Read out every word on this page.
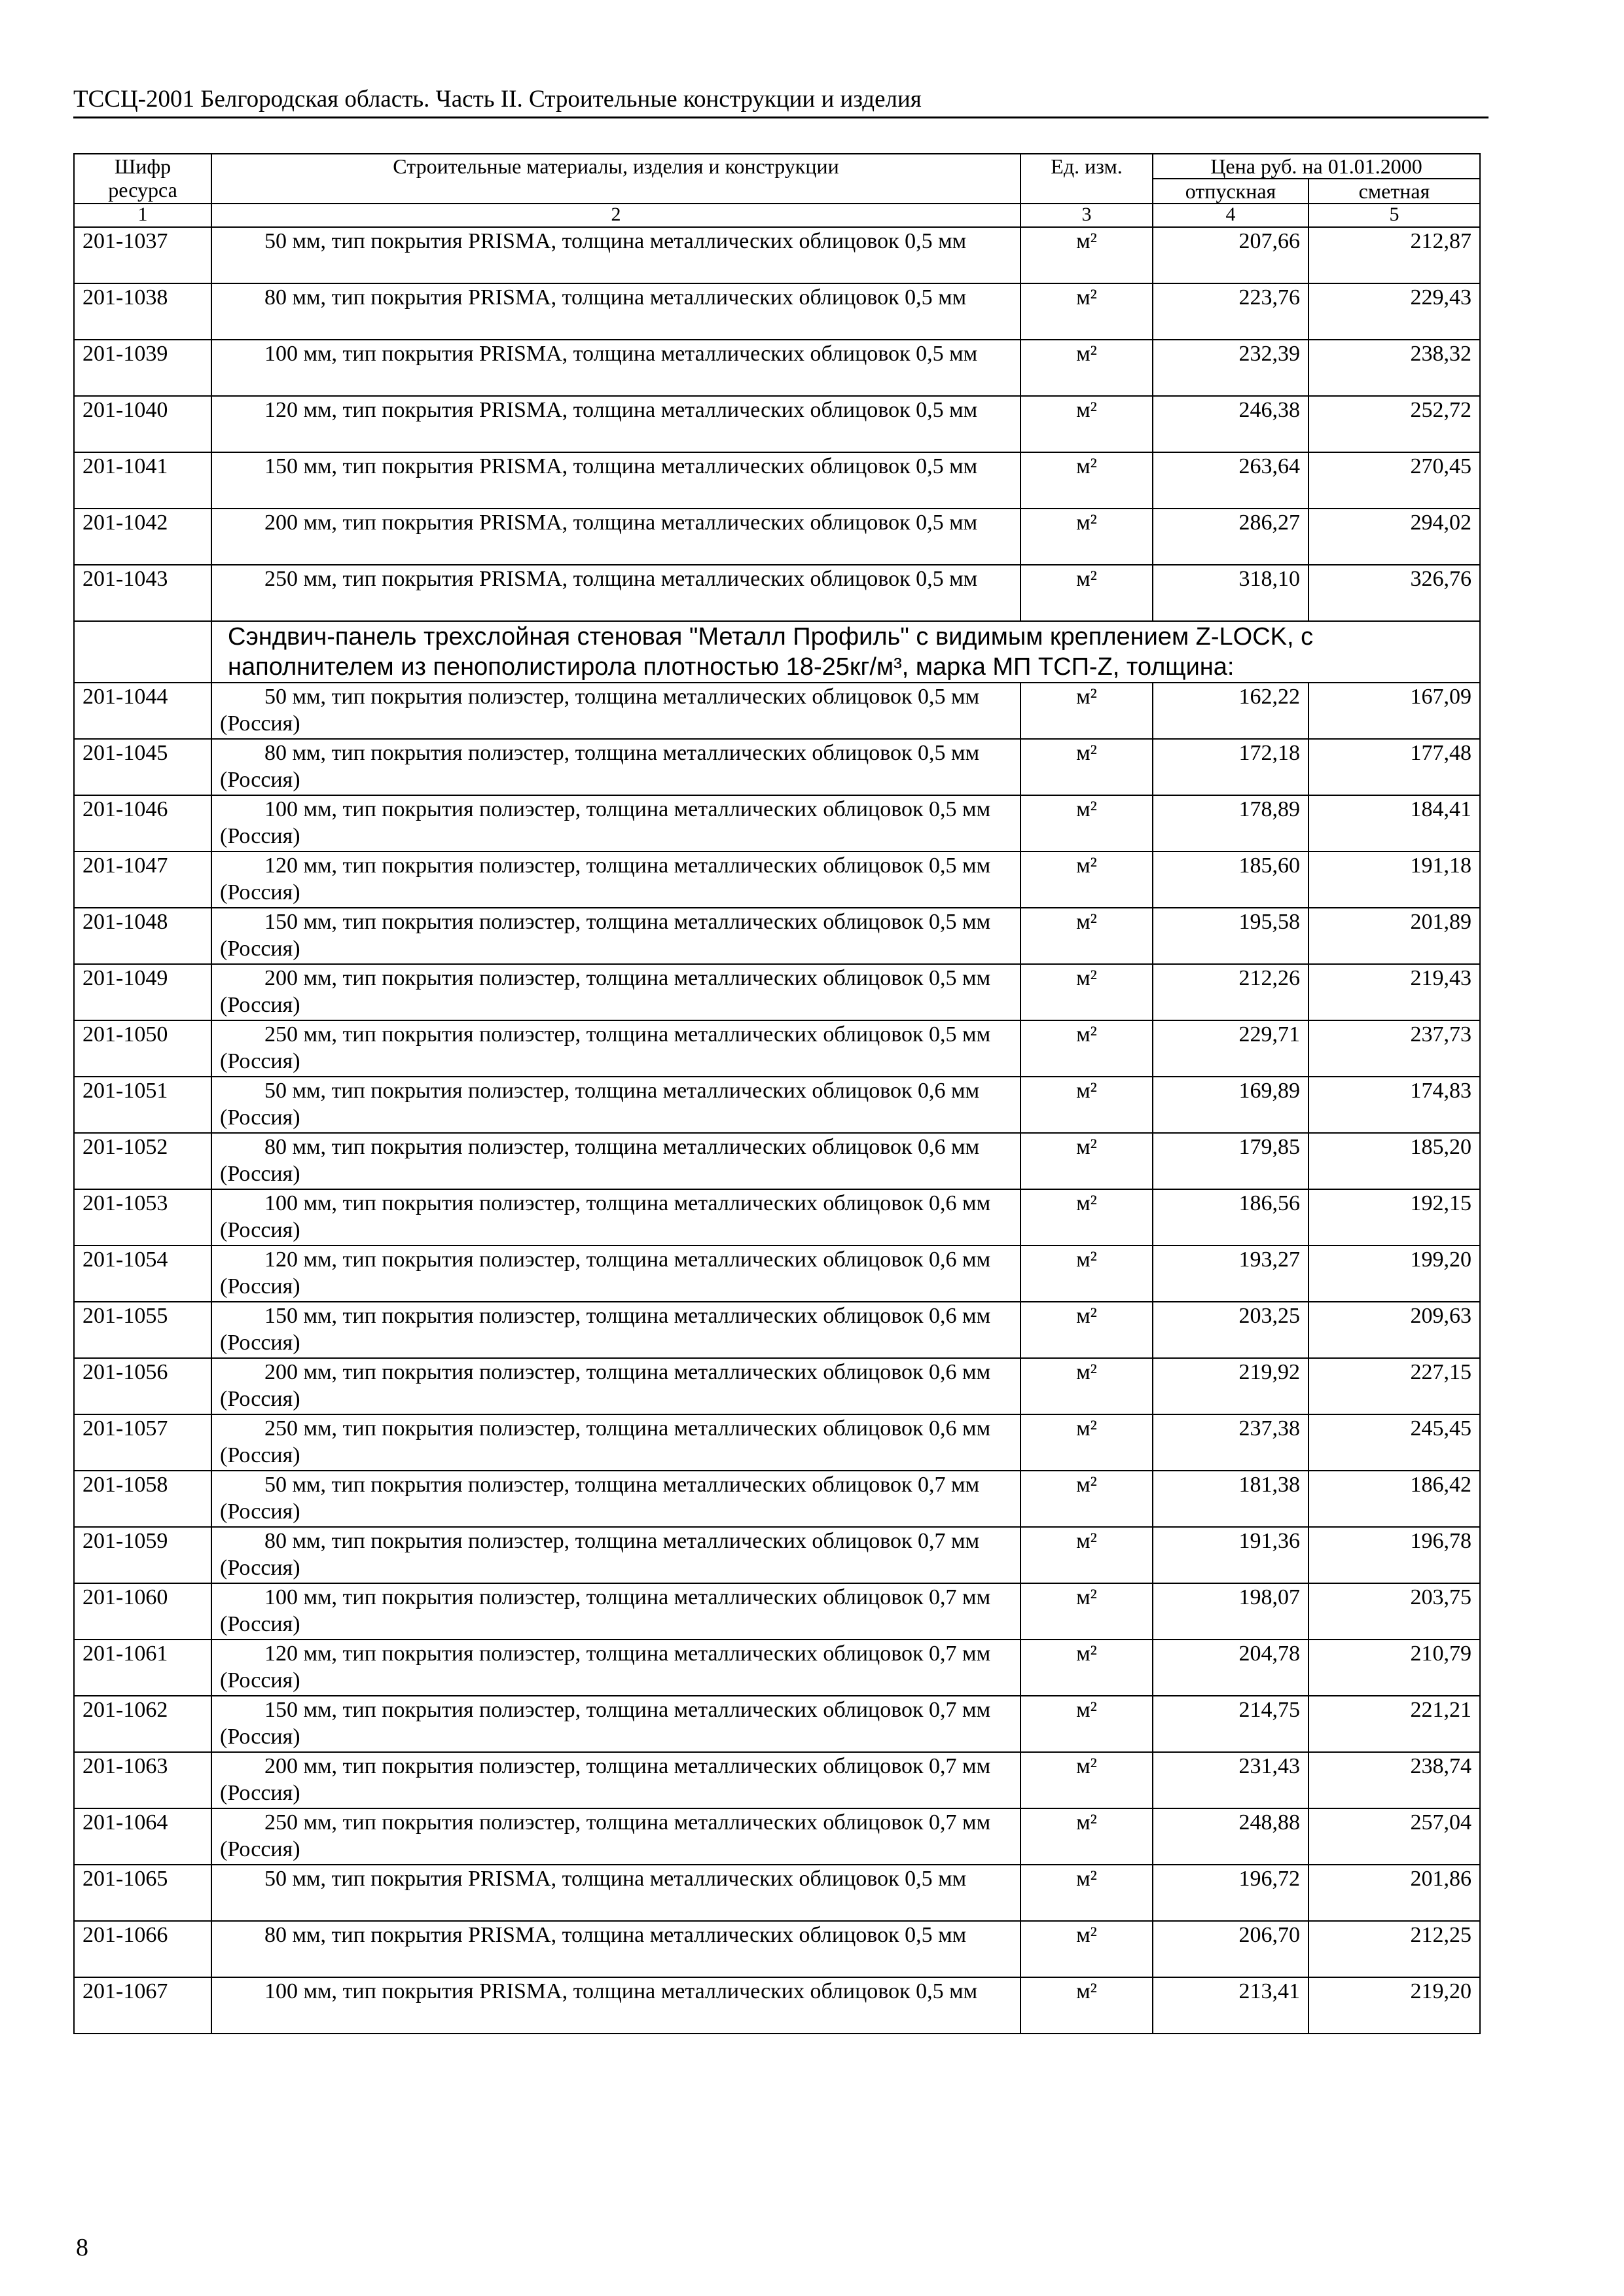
ТССЦ-2001 Белгородская область. Часть II. Строительные конструкции и изделия
Шифр ресурса	Строительные материалы, изделия и конструкции	Ед. изм.	Цена руб. на 01.01.2000	
			отпускная	сметная
1	2	3	4	5
201-1037	50 мм, тип покрытия PRISMA, толщина металлических облицовок 0,5 мм	м²	207,66	212,87
201-1038	80 мм, тип покрытия PRISMA, толщина металлических облицовок 0,5 мм	м²	223,76	229,43
201-1039	100 мм, тип покрытия PRISMA, толщина металлических облицовок 0,5 мм	м²	232,39	238,32
201-1040	120 мм, тип покрытия PRISMA, толщина металлических облицовок 0,5 мм	м²	246,38	252,72
201-1041	150 мм, тип покрытия PRISMA, толщина металлических облицовок 0,5 мм	м²	263,64	270,45
201-1042	200 мм, тип покрытия PRISMA, толщина металлических облицовок 0,5 мм	м²	286,27	294,02
201-1043	250 мм, тип покрытия PRISMA, толщина металлических облицовок 0,5 мм	м²	318,10	326,76
	Сэндвич-панель трехслойная стеновая "Металл Профиль" с видимым креплением Z-LOCK, с наполнителем из пенополистирола плотностью 18-25кг/м³, марка МП ТСП-Z, толщина:			
201-1044	50 мм, тип покрытия полиэстер, толщина металлических облицовок 0,5 мм (Россия)	м²	162,22	167,09
201-1045	80 мм, тип покрытия полиэстер, толщина металлических облицовок 0,5 мм (Россия)	м²	172,18	177,48
201-1046	100 мм, тип покрытия полиэстер, толщина металлических облицовок 0,5 мм (Россия)	м²	178,89	184,41
201-1047	120 мм, тип покрытия полиэстер, толщина металлических облицовок 0,5 мм (Россия)	м²	185,60	191,18
201-1048	150 мм, тип покрытия полиэстер, толщина металлических облицовок 0,5 мм (Россия)	м²	195,58	201,89
201-1049	200 мм, тип покрытия полиэстер, толщина металлических облицовок 0,5 мм (Россия)	м²	212,26	219,43
201-1050	250 мм, тип покрытия полиэстер, толщина металлических облицовок 0,5 мм (Россия)	м²	229,71	237,73
201-1051	50 мм, тип покрытия полиэстер, толщина металлических облицовок 0,6 мм (Россия)	м²	169,89	174,83
201-1052	80 мм, тип покрытия полиэстер, толщина металлических облицовок 0,6 мм (Россия)	м²	179,85	185,20
201-1053	100 мм, тип покрытия полиэстер, толщина металлических облицовок 0,6 мм (Россия)	м²	186,56	192,15
201-1054	120 мм, тип покрытия полиэстер, толщина металлических облицовок 0,6 мм (Россия)	м²	193,27	199,20
201-1055	150 мм, тип покрытия полиэстер, толщина металлических облицовок 0,6 мм (Россия)	м²	203,25	209,63
201-1056	200 мм, тип покрытия полиэстер, толщина металлических облицовок 0,6 мм (Россия)	м²	219,92	227,15
201-1057	250 мм, тип покрытия полиэстер, толщина металлических облицовок 0,6 мм (Россия)	м²	237,38	245,45
201-1058	50 мм, тип покрытия полиэстер, толщина металлических облицовок 0,7 мм (Россия)	м²	181,38	186,42
201-1059	80 мм, тип покрытия полиэстер, толщина металлических облицовок 0,7 мм (Россия)	м²	191,36	196,78
201-1060	100 мм, тип покрытия полиэстер, толщина металлических облицовок 0,7 мм (Россия)	м²	198,07	203,75
201-1061	120 мм, тип покрытия полиэстер, толщина металлических облицовок 0,7 мм (Россия)	м²	204,78	210,79
201-1062	150 мм, тип покрытия полиэстер, толщина металлических облицовок 0,7 мм (Россия)	м²	214,75	221,21
201-1063	200 мм, тип покрытия полиэстер, толщина металлических облицовок 0,7 мм (Россия)	м²	231,43	238,74
201-1064	250 мм, тип покрытия полиэстер, толщина металлических облицовок 0,7 мм (Россия)	м²	248,88	257,04
201-1065	50 мм, тип покрытия PRISMA, толщина металлических облицовок 0,5 мм	м²	196,72	201,86
201-1066	80 мм, тип покрытия PRISMA, толщина металлических облицовок 0,5 мм	м²	206,70	212,25
201-1067	100 мм, тип покрытия PRISMA, толщина металлических облицовок 0,5 мм	м²	213,41	219,20
8
